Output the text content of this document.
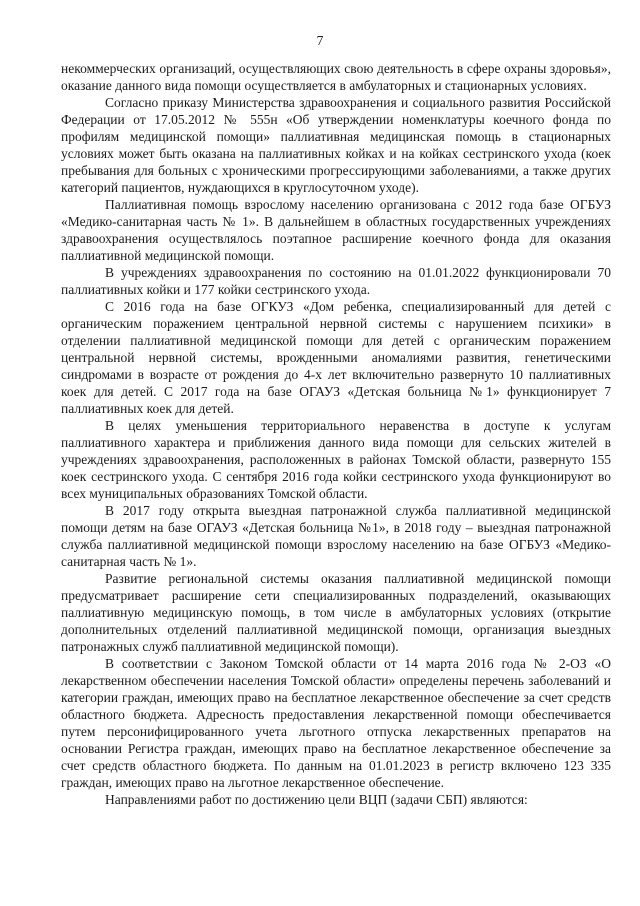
7

некоммерческих организаций, осуществляющих свою деятельность в сфере охраны здоровья», оказание данного вида помощи осуществляется в амбулаторных и стационарных условиях.

Согласно приказу Министерства здравоохранения и социального развития Российской Федерации от 17.05.2012 № 555н «Об утверждении номенклатуры коечного фонда по профилям медицинской помощи» паллиативная медицинская помощь в стационарных условиях может быть оказана на паллиативных койках и на койках сестринского ухода (коек пребывания для больных с хроническими прогрессирующими заболеваниями, а также других категорий пациентов, нуждающихся в круглосуточном уходе).

Паллиативная помощь взрослому населению организована с 2012 года базе ОГБУЗ «Медико-санитарная часть № 1». В дальнейшем в областных государственных учреждениях здравоохранения осуществлялось поэтапное расширение коечного фонда для оказания паллиативной медицинской помощи.

В учреждениях здравоохранения по состоянию на 01.01.2022 функционировали 70 паллиативных койки и 177 койки сестринского ухода.

С 2016 года на базе ОГКУЗ «Дом ребенка, специализированный для детей с органическим поражением центральной нервной системы с нарушением психики» в отделении паллиативной медицинской помощи для детей с органическим поражением центральной нервной системы, врожденными аномалиями развития, генетическими синдромами в возрасте от рождения до 4-х лет включительно развернуто 10 паллиативных коек для детей. С 2017 года на базе ОГАУЗ «Детская больница №1» функционирует 7 паллиативных коек для детей.

В целях уменьшения территориального неравенства в доступе к услугам паллиативного характера и приближения данного вида помощи для сельских жителей в учреждениях здравоохранения, расположенных в районах Томской области, развернуто 155 коек сестринского ухода. С сентября 2016 года койки сестринского ухода функционируют во всех муниципальных образованиях Томской области.

В 2017 году открыта выездная патронажной служба паллиативной медицинской помощи детям на базе ОГАУЗ «Детская больница №1», в 2018 году – выездная патронажной служба паллиативной медицинской помощи взрослому населению на базе ОГБУЗ «Медико-санитарная часть № 1».

Развитие региональной системы оказания паллиативной медицинской помощи предусматривает расширение сети специализированных подразделений, оказывающих паллиативную медицинскую помощь, в том числе в амбулаторных условиях (открытие дополнительных отделений паллиативной медицинской помощи, организация выездных патронажных служб паллиативной медицинской помощи).

В соответствии с Законом Томской области от 14 марта 2016 года № 2-ОЗ «О лекарственном обеспечении населения Томской области» определены перечень заболеваний и категории граждан, имеющих право на бесплатное лекарственное обеспечение за счет средств областного бюджета. Адресность предоставления лекарственной помощи обеспечивается путем персонифицированного учета льготного отпуска лекарственных препаратов на основании Регистра граждан, имеющих право на бесплатное лекарственное обеспечение за счет средств областного бюджета. По данным на 01.01.2023 в регистр включено 123 335 граждан, имеющих право на льготное лекарственное обеспечение.

Направлениями работ по достижению цели ВЦП (задачи СБП) являются:
